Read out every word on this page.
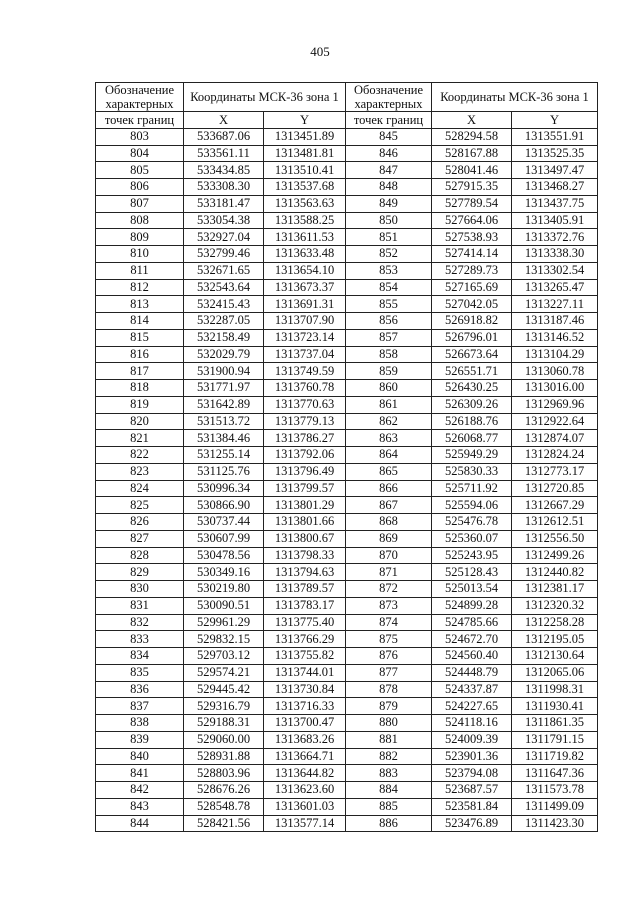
405
Обозначение характерных	Координаты МСК-36 зона 1		Обозначение характерных	Координаты МСК-36 зона 1	
точек границ	X	Y	точек границ	X	Y
803	533687.06	1313451.89	845	528294.58	1313551.91
804	533561.11	1313481.81	846	528167.88	1313525.35
805	533434.85	1313510.41	847	528041.46	1313497.47
806	533308.30	1313537.68	848	527915.35	1313468.27
807	533181.47	1313563.63	849	527789.54	1313437.75
808	533054.38	1313588.25	850	527664.06	1313405.91
809	532927.04	1313611.53	851	527538.93	1313372.76
810	532799.46	1313633.48	852	527414.14	1313338.30
811	532671.65	1313654.10	853	527289.73	1313302.54
812	532543.64	1313673.37	854	527165.69	1313265.47
813	532415.43	1313691.31	855	527042.05	1313227.11
814	532287.05	1313707.90	856	526918.82	1313187.46
815	532158.49	1313723.14	857	526796.01	1313146.52
816	532029.79	1313737.04	858	526673.64	1313104.29
817	531900.94	1313749.59	859	526551.71	1313060.78
818	531771.97	1313760.78	860	526430.25	1313016.00
819	531642.89	1313770.63	861	526309.26	1312969.96
820	531513.72	1313779.13	862	526188.76	1312922.64
821	531384.46	1313786.27	863	526068.77	1312874.07
822	531255.14	1313792.06	864	525949.29	1312824.24
823	531125.76	1313796.49	865	525830.33	1312773.17
824	530996.34	1313799.57	866	525711.92	1312720.85
825	530866.90	1313801.29	867	525594.06	1312667.29
826	530737.44	1313801.66	868	525476.78	1312612.51
827	530607.99	1313800.67	869	525360.07	1312556.50
828	530478.56	1313798.33	870	525243.95	1312499.26
829	530349.16	1313794.63	871	525128.43	1312440.82
830	530219.80	1313789.57	872	525013.54	1312381.17
831	530090.51	1313783.17	873	524899.28	1312320.32
832	529961.29	1313775.40	874	524785.66	1312258.28
833	529832.15	1313766.29	875	524672.70	1312195.05
834	529703.12	1313755.82	876	524560.40	1312130.64
835	529574.21	1313744.01	877	524448.79	1312065.06
836	529445.42	1313730.84	878	524337.87	1311998.31
837	529316.79	1313716.33	879	524227.65	1311930.41
838	529188.31	1313700.47	880	524118.16	1311861.35
839	529060.00	1313683.26	881	524009.39	1311791.15
840	528931.88	1313664.71	882	523901.36	1311719.82
841	528803.96	1313644.82	883	523794.08	1311647.36
842	528676.26	1313623.60	884	523687.57	1311573.78
843	528548.78	1313601.03	885	523581.84	1311499.09
844	528421.56	1313577.14	886	523476.89	1311423.30
